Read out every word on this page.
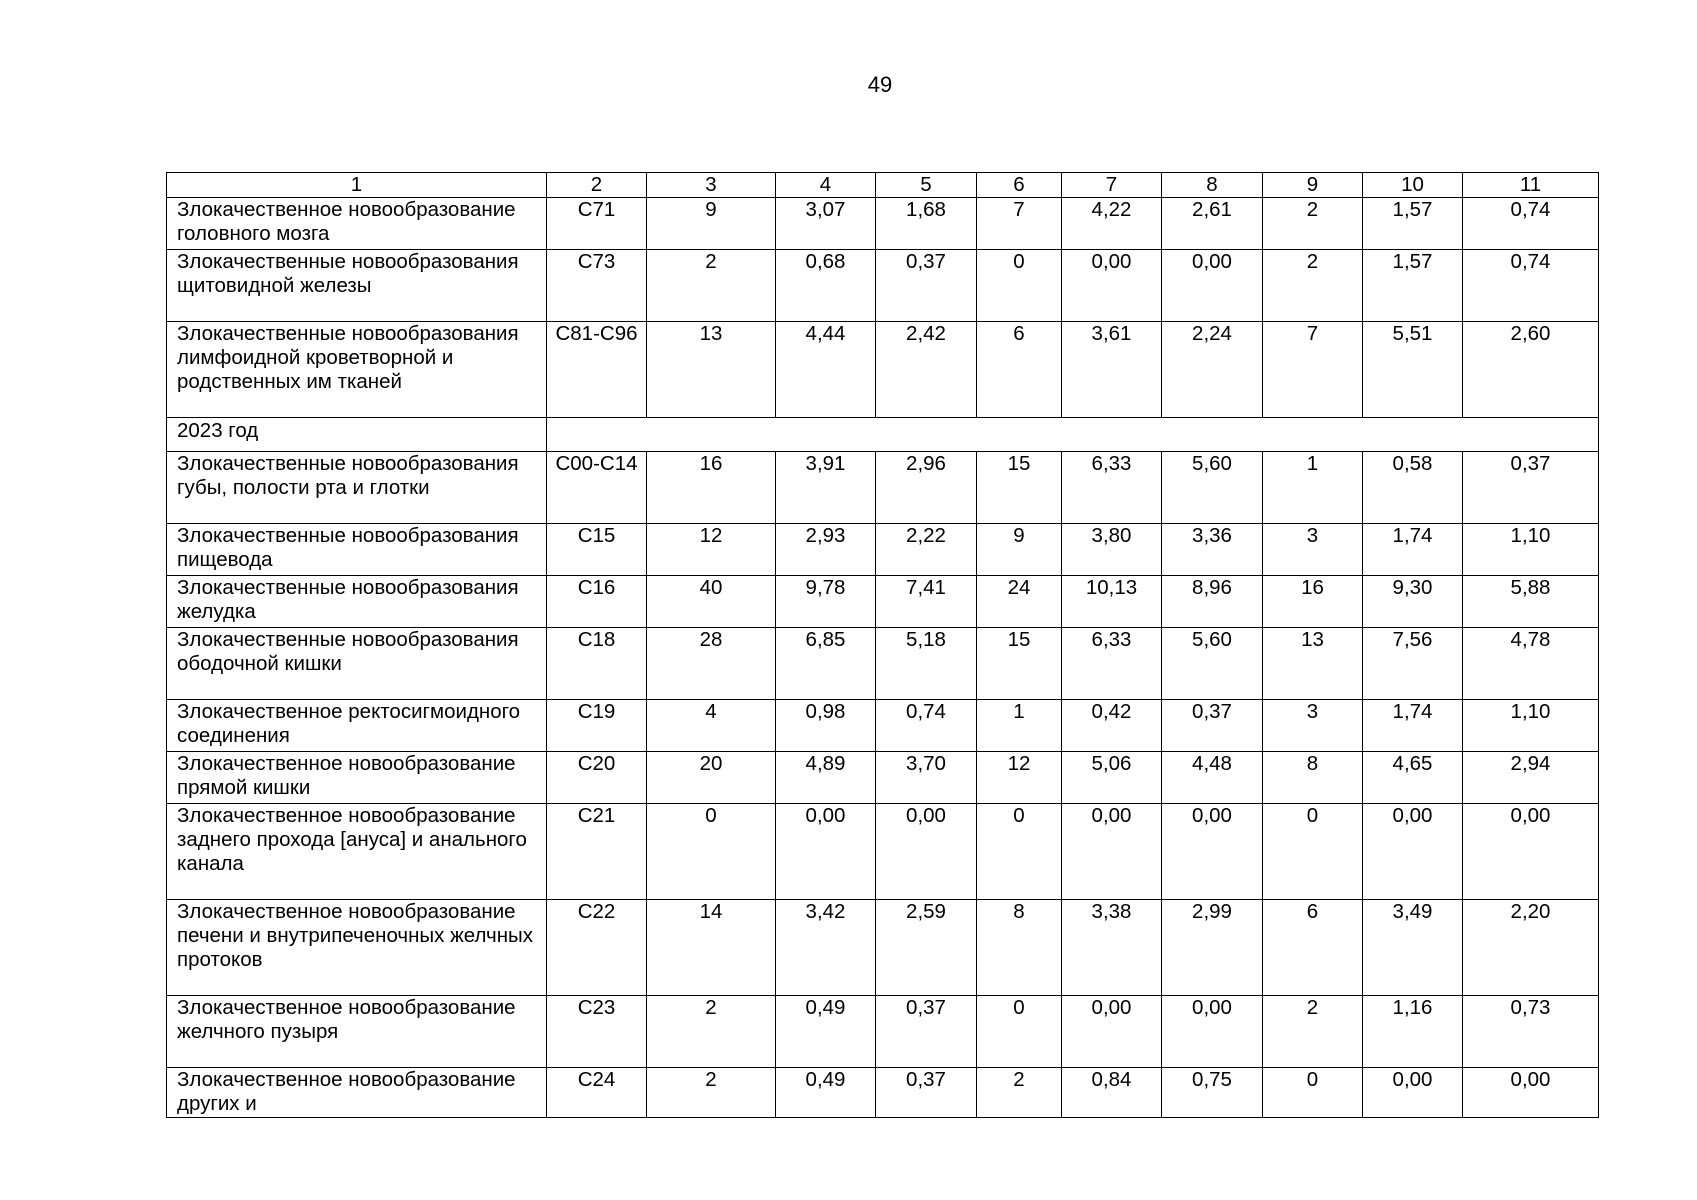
49
1	2	3	4	5	6	7	8	9	10	11
Злокачественное новообразование головного мозга	C71	9	3,07	1,68	7	4,22	2,61	2	1,57	0,74
Злокачественные новообразования щитовидной железы	C73	2	0,68	0,37	0	0,00	0,00	2	1,57	0,74
Злокачественные новообразования лимфоидной кроветворной и родственных им тканей	C81-C96	13	4,44	2,42	6	3,61	2,24	7	5,51	2,60
2023 год										
Злокачественные новообразования губы, полости рта и глотки	C00-C14	16	3,91	2,96	15	6,33	5,60	1	0,58	0,37
Злокачественные новообразования пищевода	C15	12	2,93	2,22	9	3,80	3,36	3	1,74	1,10
Злокачественные новообразования желудка	C16	40	9,78	7,41	24	10,13	8,96	16	9,30	5,88
Злокачественные новообразования ободочной кишки	C18	28	6,85	5,18	15	6,33	5,60	13	7,56	4,78
Злокачественное ректосигмоидного соединения	C19	4	0,98	0,74	1	0,42	0,37	3	1,74	1,10
Злокачественное новообразование прямой кишки	C20	20	4,89	3,70	12	5,06	4,48	8	4,65	2,94
Злокачественное новообразование заднего прохода [ануса] и анального канала	C21	0	0,00	0,00	0	0,00	0,00	0	0,00	0,00
Злокачественное новообразование печени и внутрипеченочных желчных протоков	C22	14	3,42	2,59	8	3,38	2,99	6	3,49	2,20
Злокачественное новообразование желчного пузыря	C23	2	0,49	0,37	0	0,00	0,00	2	1,16	0,73
Злокачественное новообразование других и	C24	2	0,49	0,37	2	0,84	0,75	0	0,00	0,00
